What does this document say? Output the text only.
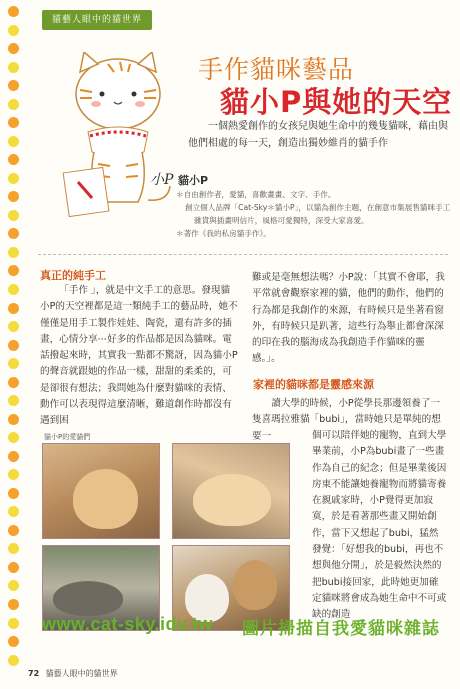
貓藝人眼中的貓世界
小P
手作貓咪藝品
貓小P與她的天空

一個熱愛創作的女孩兒與她生命中的幾隻貓咪，藉由與他們相處的每一天，創造出獨妙維肖的貓手作

貓小P
＊自由創作者，愛貓，喜歡畫畫、文字、手作。
創立個人品牌「Cat-Sky＊貓小P」，以貓為創作主題，在創意市集展售貓咪手工雜貨與插畫明信片，風格可愛獨特，深受大家喜愛。
＊著作《我的私房貓手作》。
真正的純手工

「手作 」，就是中文手工的意思。發現貓小P的天空裡都是這一類純手工的藝品時，她不僅僅是用手工製作娃娃、陶瓷，還有許多的插畫，心情分享⋯好多的作品都是因為貓咪。電話撥起來時，其實我一點都不驚訝，因為貓小P的聲音就跟她的作品一樣，甜甜的柔柔的，可是卻很有想法；我問她為什麼對貓咪的表情、動作可以表現得這麼清晰，難道創作時都沒有遇到困

難或是毫無想法嗎？小P說：「其實不會耶，我平常就會觀察家裡的貓，他們的動作，他們的行為都是我創作的來源，有時候只是坐著看窗外，有時候只是趴著，這些行為舉止都會深深的印在我的腦海成為我創造手作貓咪的靈感。」。

家裡的貓咪都是靈感來源

讀大學的時候，小P從學長那邊領養了一隻喜瑪拉雅貓「bubi」，當時她只是單純的想要一	個可以陪伴她的寵物，直到大學畢業前，小P為bubi畫了一些畫作為自己的紀念；但是畢業後因房東不能讓她養寵物而將貓寄養在親戚家時，小P覺得更加寂寞，於是看著那些畫又開始創作，當下又想起了bubi，猛然發覺：「好想我的bubi，再也不想與他分開」，於是毅然決然的把bubi接回家，此時她更加確定貓咪將會成為她生命中不可或缺的創造

貓小P的愛貓們
www.cat-sky.idv.tw 圖片掃描自我愛貓咪雜誌
72 貓藝人眼中的貓世界
